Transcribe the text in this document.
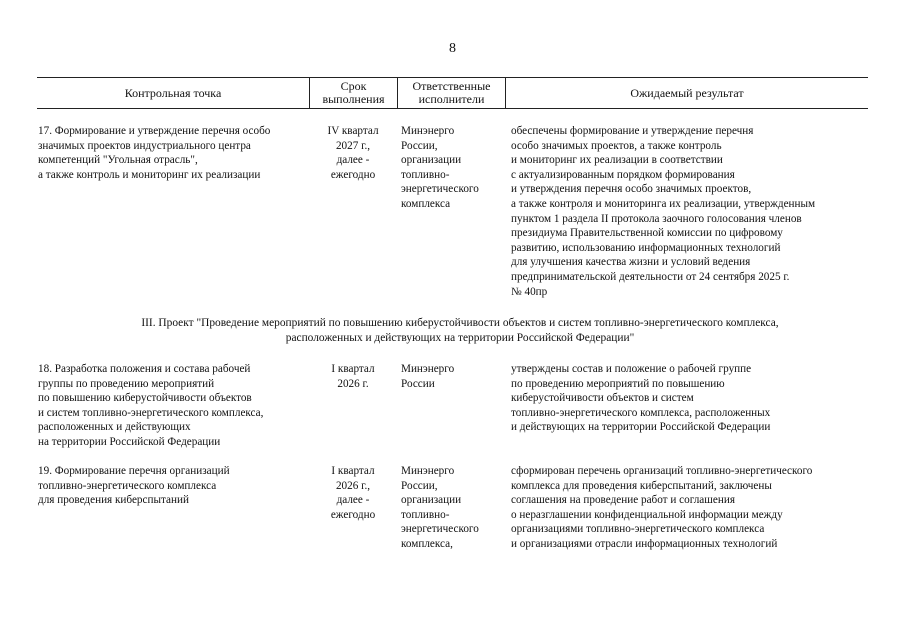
8
Контрольная точка	Срок
выполнения
Ответственные
исполнители	Ожидаемый результат
17. Формирование и утверждение перечня особо
значимых проектов индустриального центра
компетенций "Угольная отрасль",
а также контроль и мониторинг их реализации
IV квартал
2027 г.,
далее -
ежегодно
Минэнерго
России,
организации
топливно-
энергетического
комплекса
обеспечены формирование и утверждение перечня
особо значимых проектов, а также контроль
и мониторинг их реализации в соответствии
с актуализированным порядком формирования
и утверждения перечня особо значимых проектов,
а также контроля и мониторинга их реализации, утвержденным
пунктом 1 раздела II протокола заочного голосования членов
президиума Правительственной комиссии по цифровому
развитию, использованию информационных технологий
для улучшения качества жизни и условий ведения
предпринимательской деятельности от 24 сентября 2025 г.
№ 40пр
III. Проект "Проведение мероприятий по повышению киберустойчивости объектов и систем топливно-энергетического комплекса,
расположенных и действующих на территории Российской Федерации"
18. Разработка положения и состава рабочей
группы по проведению мероприятий
по повышению киберустойчивости объектов
и систем топливно-энергетического комплекса,
расположенных и действующих
на территории Российской Федерации
I квартал
2026 г.
Минэнерго
России
утверждены состав и положение о рабочей группе
по проведению мероприятий по повышению
киберустойчивости объектов и систем
топливно-энергетического комплекса, расположенных
и действующих на территории Российской Федерации
19. Формирование перечня организаций
топливно-энергетического комплекса
для проведения киберспытаний
I квартал
2026 г.,
далее -
ежегодно
Минэнерго
России,
организации
топливно-
энергетического
комплекса,
сформирован перечень организаций топливно-энергетического
комплекса для проведения киберспытаний, заключены
соглашения на проведение работ и соглашения
о неразглашении конфиденциальной информации между
организациями топливно-энергетического комплекса
и организациями отрасли информационных технологий
